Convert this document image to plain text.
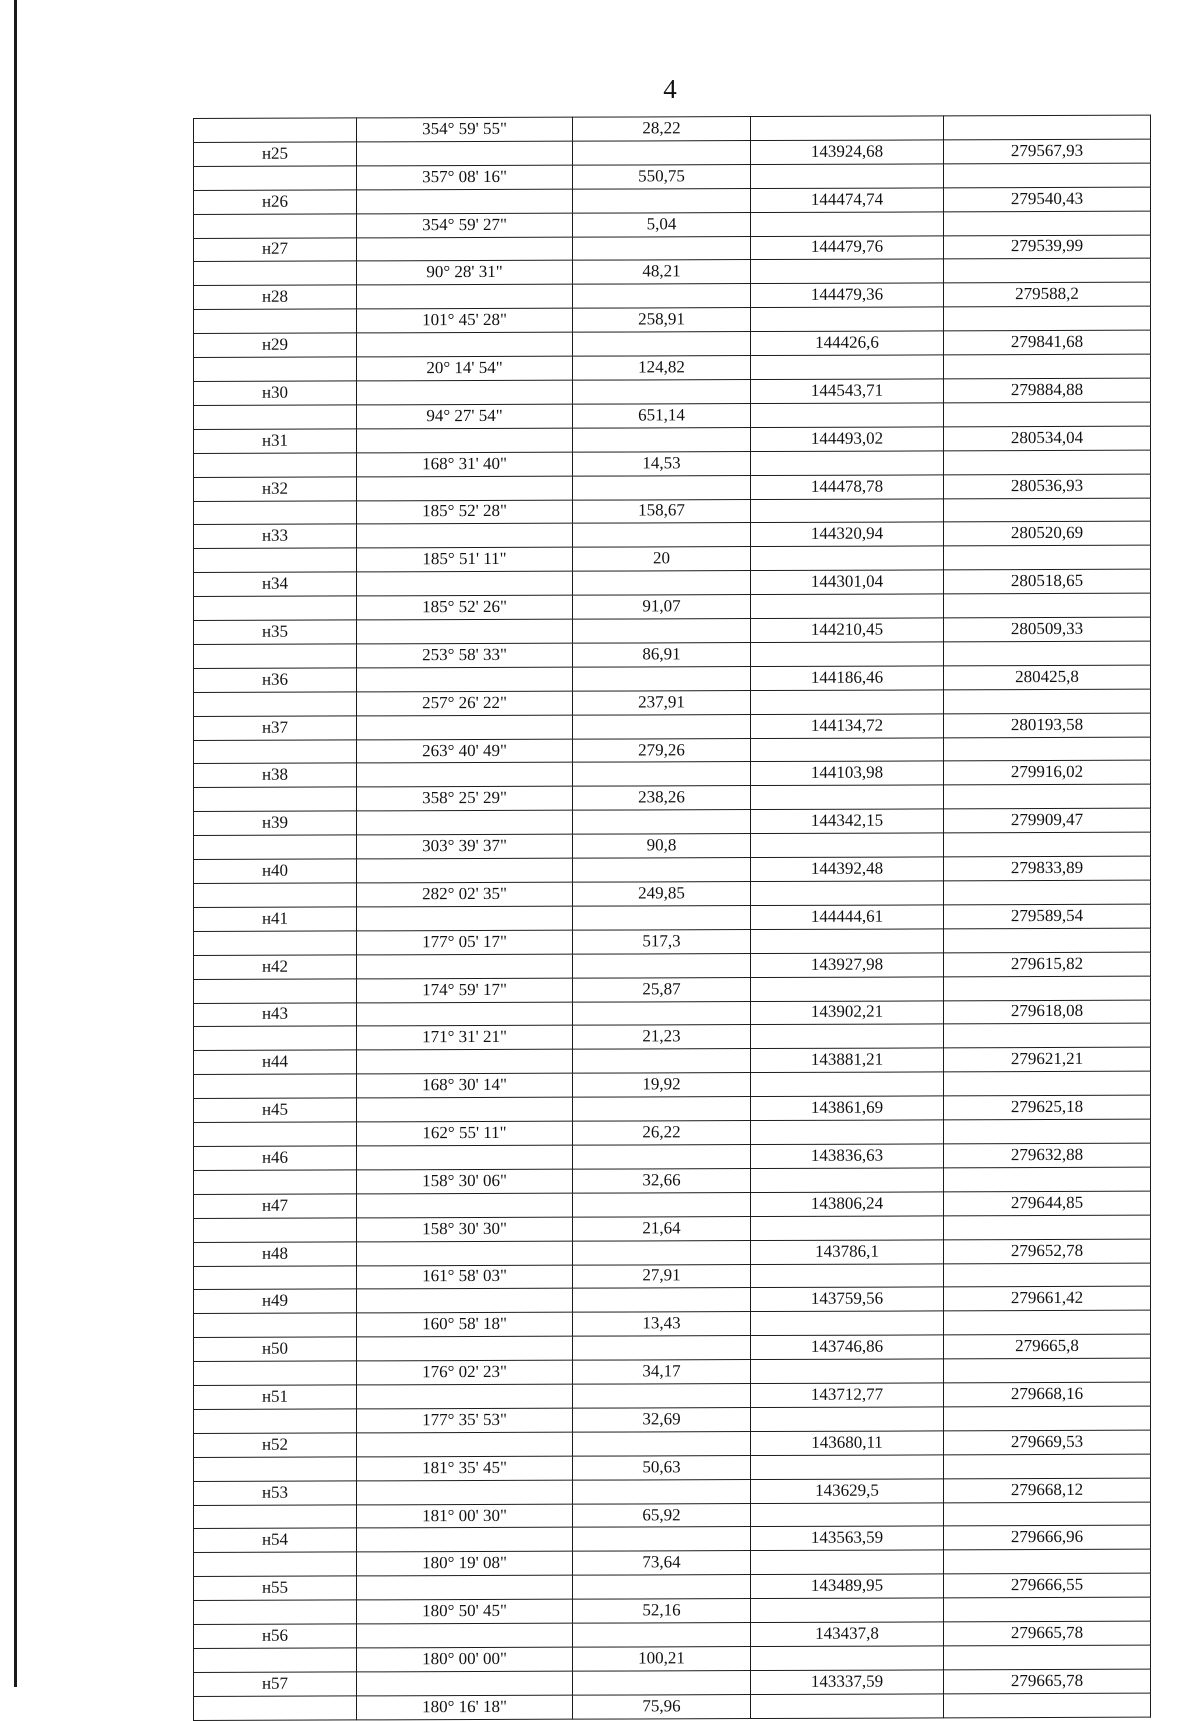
4
	354° 59' 55"	28,22		
н25			143924,68	279567,93
	357° 08' 16"	550,75		
н26			144474,74	279540,43
	354° 59' 27"	5,04		
н27			144479,76	279539,99
	90° 28' 31"	48,21		
н28			144479,36	279588,2
	101° 45' 28"	258,91		
н29			144426,6	279841,68
	20° 14' 54"	124,82		
н30			144543,71	279884,88
	94° 27' 54"	651,14		
н31			144493,02	280534,04
	168° 31' 40"	14,53		
н32			144478,78	280536,93
	185° 52' 28"	158,67		
н33			144320,94	280520,69
	185° 51' 11"	20		
н34			144301,04	280518,65
	185° 52' 26"	91,07		
н35			144210,45	280509,33
	253° 58' 33"	86,91		
н36			144186,46	280425,8
	257° 26' 22"	237,91		
н37			144134,72	280193,58
	263° 40' 49"	279,26		
н38			144103,98	279916,02
	358° 25' 29"	238,26		
н39			144342,15	279909,47
	303° 39' 37"	90,8		
н40			144392,48	279833,89
	282° 02' 35"	249,85		
н41			144444,61	279589,54
	177° 05' 17"	517,3		
н42			143927,98	279615,82
	174° 59' 17"	25,87		
н43			143902,21	279618,08
	171° 31' 21"	21,23		
н44			143881,21	279621,21
	168° 30' 14"	19,92		
н45			143861,69	279625,18
	162° 55' 11"	26,22		
н46			143836,63	279632,88
	158° 30' 06"	32,66		
н47			143806,24	279644,85
	158° 30' 30"	21,64		
н48			143786,1	279652,78
	161° 58' 03"	27,91		
н49			143759,56	279661,42
	160° 58' 18"	13,43		
н50			143746,86	279665,8
	176° 02' 23"	34,17		
н51			143712,77	279668,16
	177° 35' 53"	32,69		
н52			143680,11	279669,53
	181° 35' 45"	50,63		
н53			143629,5	279668,12
	181° 00' 30"	65,92		
н54			143563,59	279666,96
	180° 19' 08"	73,64		
н55			143489,95	279666,55
	180° 50' 45"	52,16		
н56			143437,8	279665,78
	180° 00' 00"	100,21		
н57			143337,59	279665,78
	180° 16' 18"	75,96		
